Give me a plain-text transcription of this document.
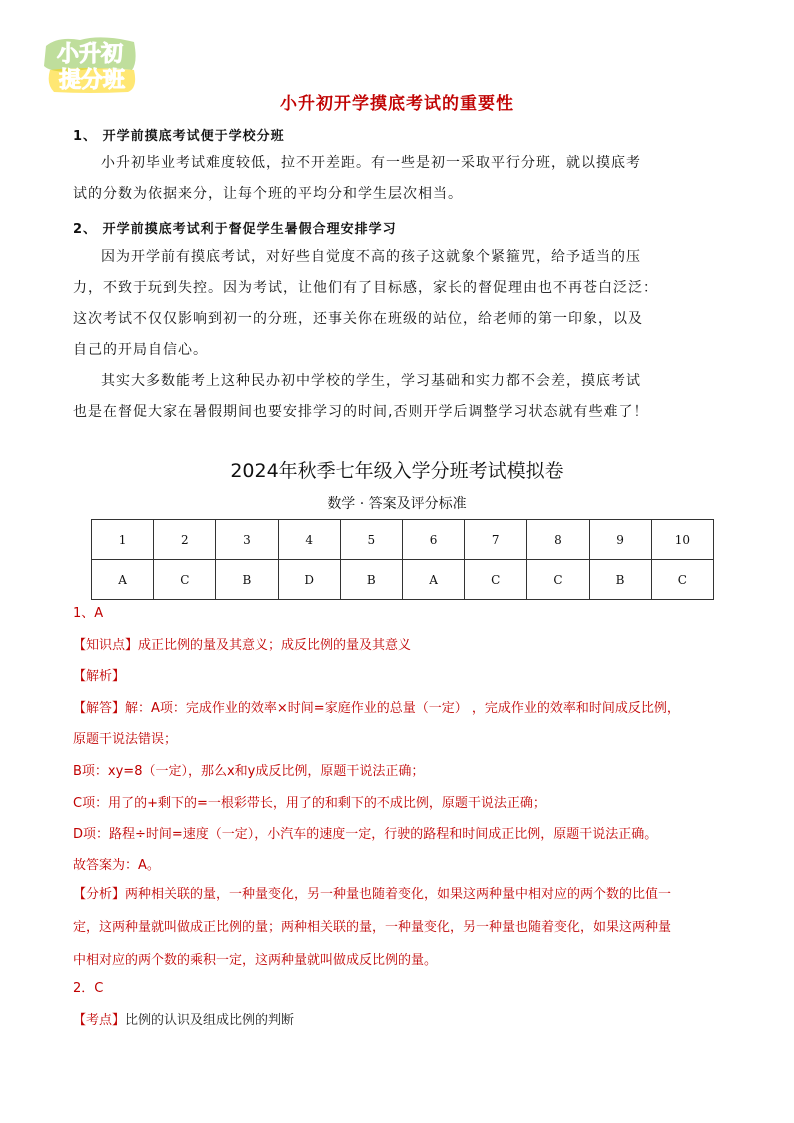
小升初
提分班
小升初开学摸底考试的重要性
1、 开学前摸底考试便于学校分班
小升初毕业考试难度较低，拉不开差距。有一些是初一采取平行分班，就以摸底考
试的分数为依据来分，让每个班的平均分和学生层次相当。
2、 开学前摸底考试利于督促学生暑假合理安排学习
因为开学前有摸底考试，对好些自觉度不高的孩子这就象个紧箍咒，给予适当的压
力，不致于玩到失控。因为考试，让他们有了目标感，家长的督促理由也不再苍白泛泛：
这次考试不仅仅影响到初一的分班，还事关你在班级的站位，给老师的第一印象，以及
自己的开局自信心。
其实大多数能考上这种民办初中学校的学生，学习基础和实力都不会差，摸底考试
也是在督促大家在暑假期间也要安排学习的时间,否则开学后调整学习状态就有些难了！
2024年秋季七年级入学分班考试模拟卷
数学 · 答案及评分标准
1	2	3	4	5	6	7	8	9	10
A	C	B	D	B	A	C	C	B	C
1、A
【知识点】成正比例的量及其意义；成反比例的量及其意义
【解析】
【解答】解：A项：完成作业的效率×时间=家庭作业的总量（一定） ，完成作业的效率和时间成反比例，
原题干说法错误；
B项：xy=8（一定），那么x和y成反比例，原题干说法正确；
C项：用了的+剩下的=一根彩带长，用了的和剩下的不成比例，原题干说法正确；
D项：路程÷时间=速度（一定），小汽车的速度一定，行驶的路程和时间成正比例，原题干说法正确。
故答案为：A。
【分析】两种相关联的量，一种量变化，另一种量也随着变化，如果这两种量中相对应的两个数的比值一
定，这两种量就叫做成正比例的量；两种相关联的量，一种量变化，另一种量也随着变化，如果这两种量
中相对应的两个数的乘积一定，这两种量就叫做成反比例的量。
2．C
【考点】比例的认识及组成比例的判断
